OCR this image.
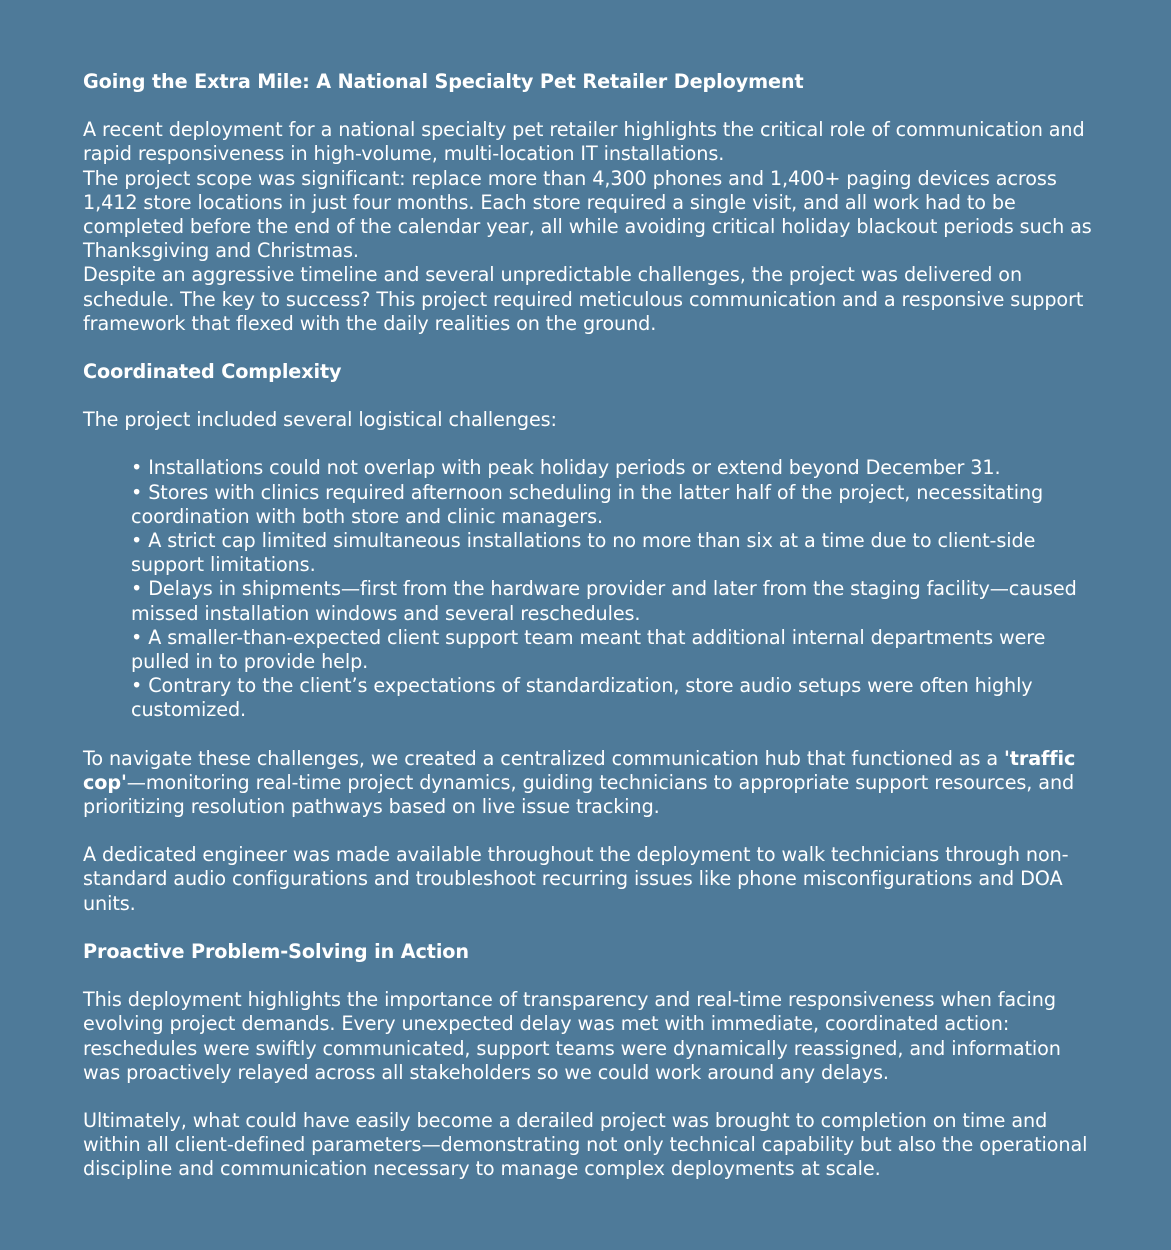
Going the Extra Mile: A National Specialty Pet Retailer Deployment

A recent deployment for a national specialty pet retailer highlights the critical role of communication and rapid responsiveness in high-volume, multi-location IT installations.

The project scope was significant: replace more than 4,300 phones and 1,400+ paging devices across 1,412 store locations in just four months. Each store required a single visit, and all work had to be completed before the end of the calendar year, all while avoiding critical holiday blackout periods such as Thanksgiving and Christmas.

Despite an aggressive timeline and several unpredictable challenges, the project was delivered on schedule. The key to success? This project required meticulous communication and a responsive support framework that flexed with the daily realities on the ground.

Coordinated Complexity

The project included several logistical challenges:

• Installations could not overlap with peak holiday periods or extend beyond December 31.
• Stores with clinics required afternoon scheduling in the latter half of the project, necessitating coordination with both store and clinic managers.
• A strict cap limited simultaneous installations to no more than six at a time due to client-side support limitations.
• Delays in shipments—first from the hardware provider and later from the staging facility—caused missed installation windows and several reschedules.
• A smaller-than-expected client support team meant that additional internal departments were pulled in to provide help.
• Contrary to the client’s expectations of standardization, store audio setups were often highly customized.

To navigate these challenges, we created a centralized communication hub that functioned as a 'traffic cop'—monitoring real-time project dynamics, guiding technicians to appropriate support resources, and prioritizing resolution pathways based on live issue tracking.

A dedicated engineer was made available throughout the deployment to walk technicians through non-standard audio configurations and troubleshoot recurring issues like phone misconfigurations and DOA units.

Proactive Problem-Solving in Action

This deployment highlights the importance of transparency and real-time responsiveness when facing evolving project demands. Every unexpected delay was met with immediate, coordinated action: reschedules were swiftly communicated, support teams were dynamically reassigned, and information was proactively relayed across all stakeholders so we could work around any delays.

Ultimately, what could have easily become a derailed project was brought to completion on time and within all client-defined parameters—demonstrating not only technical capability but also the operational discipline and communication necessary to manage complex deployments at scale.
